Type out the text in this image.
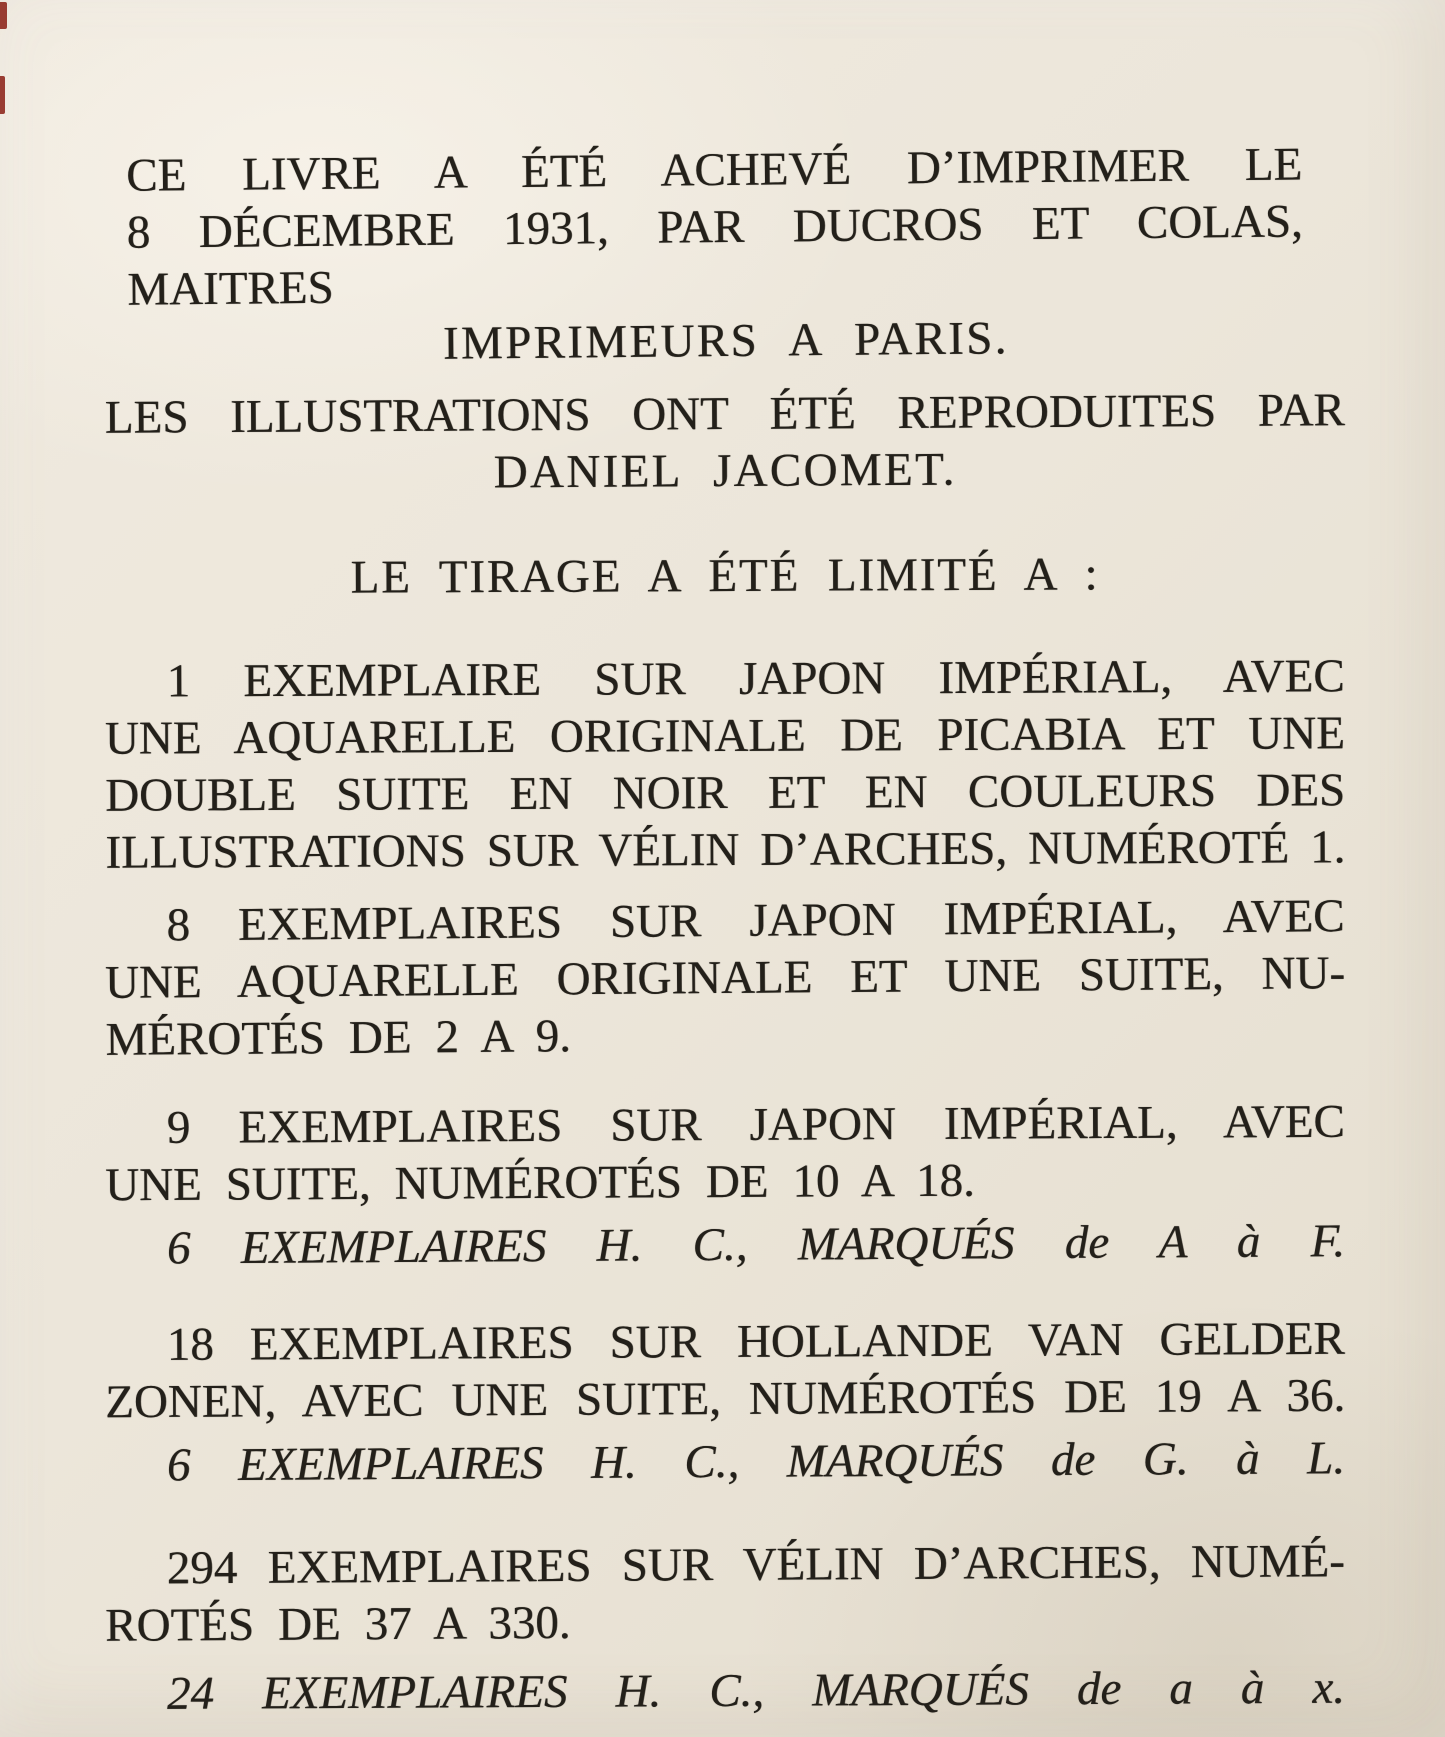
CE LIVRE A ÉTÉ ACHEVÉ D’IMPRIMER LE
8 DÉCEMBRE 1931, PAR DUCROS ET COLAS, MAITRES
IMPRIMEURS A PARIS.
LES ILLUSTRATIONS ONT ÉTÉ REPRODUITES PAR
DANIEL JACOMET.
LE TIRAGE A ÉTÉ LIMITÉ A :
1 EXEMPLAIRE SUR JAPON IMPÉRIAL, AVEC
UNE AQUARELLE ORIGINALE DE PICABIA ET UNE
DOUBLE SUITE EN NOIR ET EN COULEURS DES
ILLUSTRATIONS SUR VÉLIN D’ARCHES, NUMÉROTÉ 1.
8 EXEMPLAIRES SUR JAPON IMPÉRIAL, AVEC
UNE AQUARELLE ORIGINALE ET UNE SUITE, NU-
MÉROTÉS DE 2 A 9.
9 EXEMPLAIRES SUR JAPON IMPÉRIAL, AVEC
UNE SUITE, NUMÉROTÉS DE 10 A 18.
6 EXEMPLAIRES H. C., MARQUÉS de A à F.
18 EXEMPLAIRES SUR HOLLANDE VAN GELDER
ZONEN, AVEC UNE SUITE, NUMÉROTÉS DE 19 A 36.
6 EXEMPLAIRES H. C., MARQUÉS de G. à L.
294 EXEMPLAIRES SUR VÉLIN D’ARCHES, NUMÉ-
ROTÉS DE 37 A 330.
24 EXEMPLAIRES H. C., MARQUÉS de a à x.
